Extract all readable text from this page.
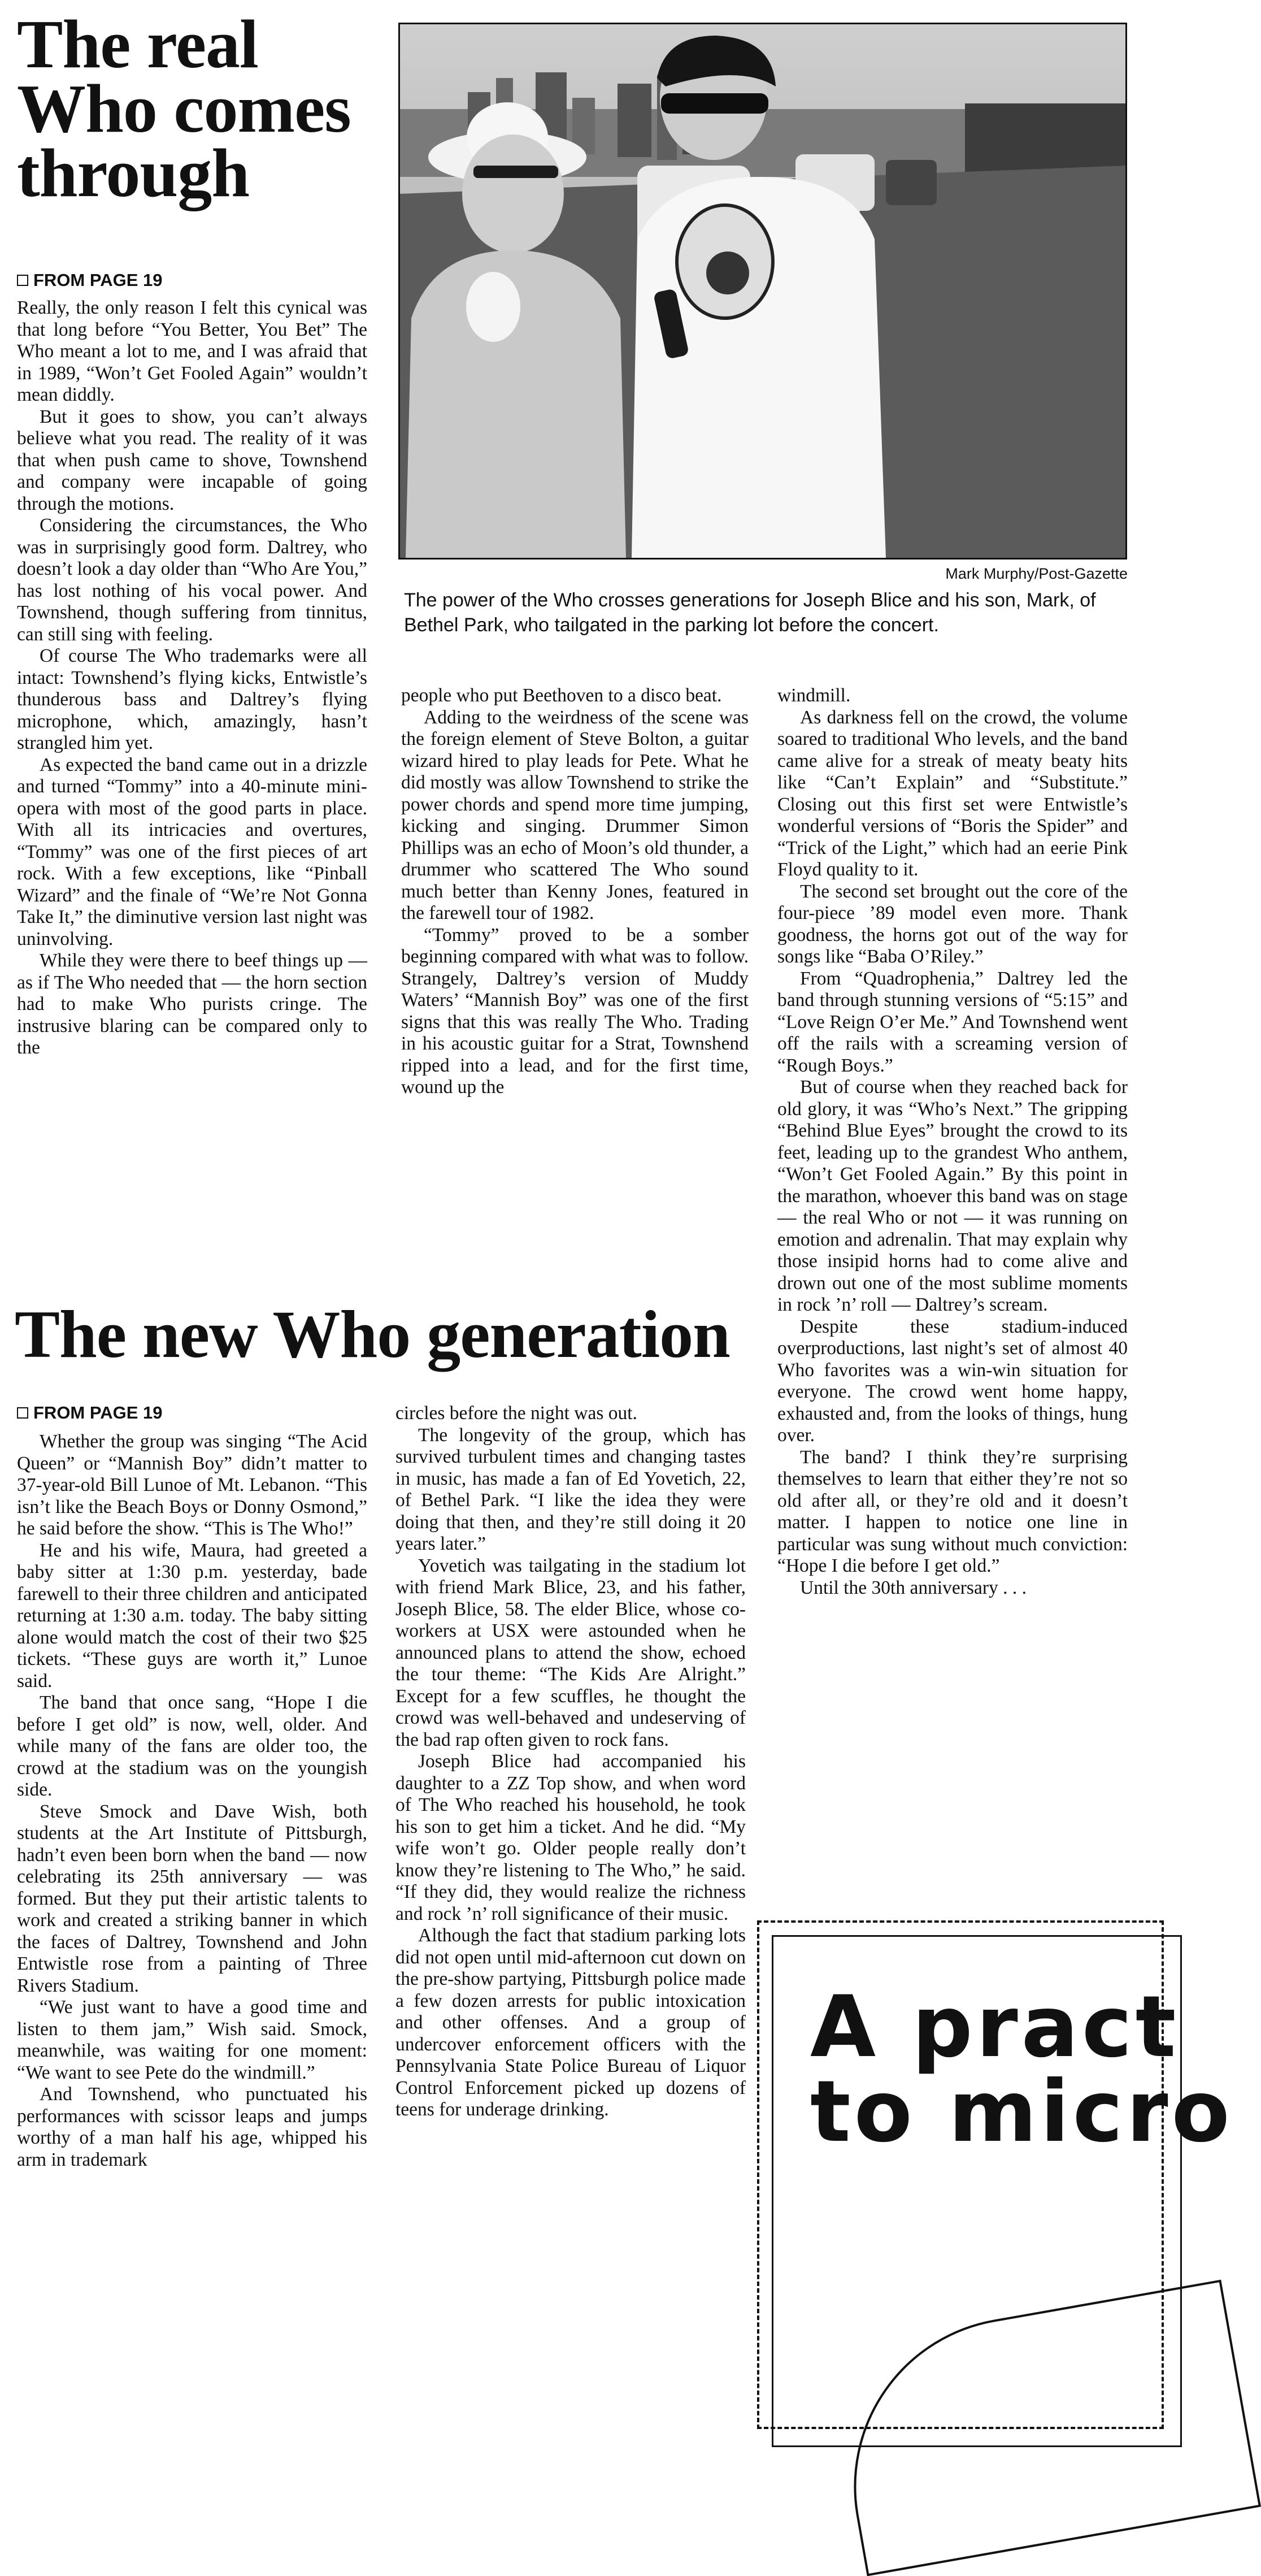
The real Who comes through
FROM PAGE 19

Really, the only reason I felt this cynical was that long before “You Better, You Bet” The Who meant a lot to me, and I was afraid that in 1989, “Won’t Get Fooled Again” wouldn’t mean diddly.

But it goes to show, you can’t always believe what you read. The reality of it was that when push came to shove, Townshend and company were incapable of going through the motions.

Considering the circumstances, the Who was in surprisingly good form. Daltrey, who doesn’t look a day older than “Who Are You,” has lost nothing of his vocal power. And Townshend, though suffering from tinnitus, can still sing with feeling.

Of course The Who trademarks were all intact: Townshend’s flying kicks, Entwistle’s thunderous bass and Daltrey’s flying microphone, which, amazingly, hasn’t strangled him yet.

As expected the band came out in a drizzle and turned “Tommy” into a 40-minute mini-opera with most of the good parts in place. With all its intricacies and overtures, “Tommy” was one of the first pieces of art rock. With a few exceptions, like “Pinball Wizard” and the finale of “We’re Not Gonna Take It,” the diminutive version last night was uninvolving.

While they were there to beef things up — as if The Who needed that — the horn section had to make Who purists cringe. The instrusive blaring can be compared only to the

Mark Murphy/Post-Gazette

The power of the Who crosses generations for Joseph Blice and his son, Mark, of Bethel Park, who tailgated in the parking lot before the concert.

people who put Beethoven to a disco beat.

Adding to the weirdness of the scene was the foreign element of Steve Bolton, a guitar wizard hired to play leads for Pete. What he did mostly was allow Townshend to strike the power chords and spend more time jumping, kicking and singing. Drummer Simon Phillips was an echo of Moon’s old thunder, a drummer who scattered The Who sound much better than Kenny Jones, featured in the farewell tour of 1982.

“Tommy” proved to be a somber beginning compared with what was to follow. Strangely, Daltrey’s version of Muddy Waters’ “Mannish Boy” was one of the first signs that this was really The Who. Trading in his acoustic guitar for a Strat, Townshend ripped into a lead, and for the first time, wound up the

windmill.

As darkness fell on the crowd, the volume soared to traditional Who levels, and the band came alive for a streak of meaty beaty hits like “Can’t Explain” and “Substitute.” Closing out this first set were Entwistle’s wonderful versions of “Boris the Spider” and “Trick of the Light,” which had an eerie Pink Floyd quality to it.

The second set brought out the core of the four-piece ’89 model even more. Thank goodness, the horns got out of the way for songs like “Baba O’Riley.”

From “Quadrophenia,” Daltrey led the band through stunning versions of “5:15” and “Love Reign O’er Me.” And Townshend went off the rails with a screaming version of “Rough Boys.”

But of course when they reached back for old glory, it was “Who’s Next.” The gripping “Behind Blue Eyes” brought the crowd to its feet, leading up to the grandest Who anthem, “Won’t Get Fooled Again.” By this point in the marathon, whoever this band was on stage — the real Who or not — it was running on emotion and adrenalin. That may explain why those insipid horns had to come alive and drown out one of the most sublime moments in rock ’n’ roll — Daltrey’s scream.

Despite these stadium-induced overproductions, last night’s set of almost 40 Who favorites was a win-win situation for everyone. The crowd went home happy, exhausted and, from the looks of things, hung over.

The band? I think they’re surprising themselves to learn that either they’re not so old after all, or they’re old and it doesn’t matter. I happen to notice one line in particular was sung without much conviction: “Hope I die before I get old.”

Until the 30th anniversary . . .

The new Who generation
FROM PAGE 19

Whether the group was singing “The Acid Queen” or “Mannish Boy” didn’t matter to 37-year-old Bill Lunoe of Mt. Lebanon. “This isn’t like the Beach Boys or Donny Osmond,” he said before the show. “This is The Who!”

He and his wife, Maura, had greeted a baby sitter at 1:30 p.m. yesterday, bade farewell to their three children and anticipated returning at 1:30 a.m. today. The baby sitting alone would match the cost of their two $25 tickets. “These guys are worth it,” Lunoe said.

The band that once sang, “Hope I die before I get old” is now, well, older. And while many of the fans are older too, the crowd at the stadium was on the youngish side.

Steve Smock and Dave Wish, both students at the Art Institute of Pittsburgh, hadn’t even been born when the band — now celebrating its 25th anniversary — was formed. But they put their artistic talents to work and created a striking banner in which the faces of Daltrey, Townshend and John Entwistle rose from a painting of Three Rivers Stadium.

“We just want to have a good time and listen to them jam,” Wish said. Smock, meanwhile, was waiting for one moment: “We want to see Pete do the windmill.”

And Townshend, who punctuated his performances with scissor leaps and jumps worthy of a man half his age, whipped his arm in trademark

circles before the night was out.

The longevity of the group, which has survived turbulent times and changing tastes in music, has made a fan of Ed Yovetich, 22, of Bethel Park. “I like the idea they were doing that then, and they’re still doing it 20 years later.”

Yovetich was tailgating in the stadium lot with friend Mark Blice, 23, and his father, Joseph Blice, 58. The elder Blice, whose co-workers at USX were astounded when he announced plans to attend the show, echoed the tour theme: “The Kids Are Alright.” Except for a few scuffles, he thought the crowd was well-behaved and undeserving of the bad rap often given to rock fans.

Joseph Blice had accompanied his daughter to a ZZ Top show, and when word of The Who reached his household, he took his son to get him a ticket. And he did. “My wife won’t go. Older people really don’t know they’re listening to The Who,” he said. “If they did, they would realize the richness and rock ’n’ roll significance of their music.

Although the fact that stadium parking lots did not open until mid-afternoon cut down on the pre-show partying, Pittsburgh police made a few dozen arrests for public intoxication and other offenses. And a group of undercover enforcement officers with the Pennsylvania State Police Bureau of Liquor Control Enforcement picked up dozens of teens for underage drinking.

A pract

to micro
